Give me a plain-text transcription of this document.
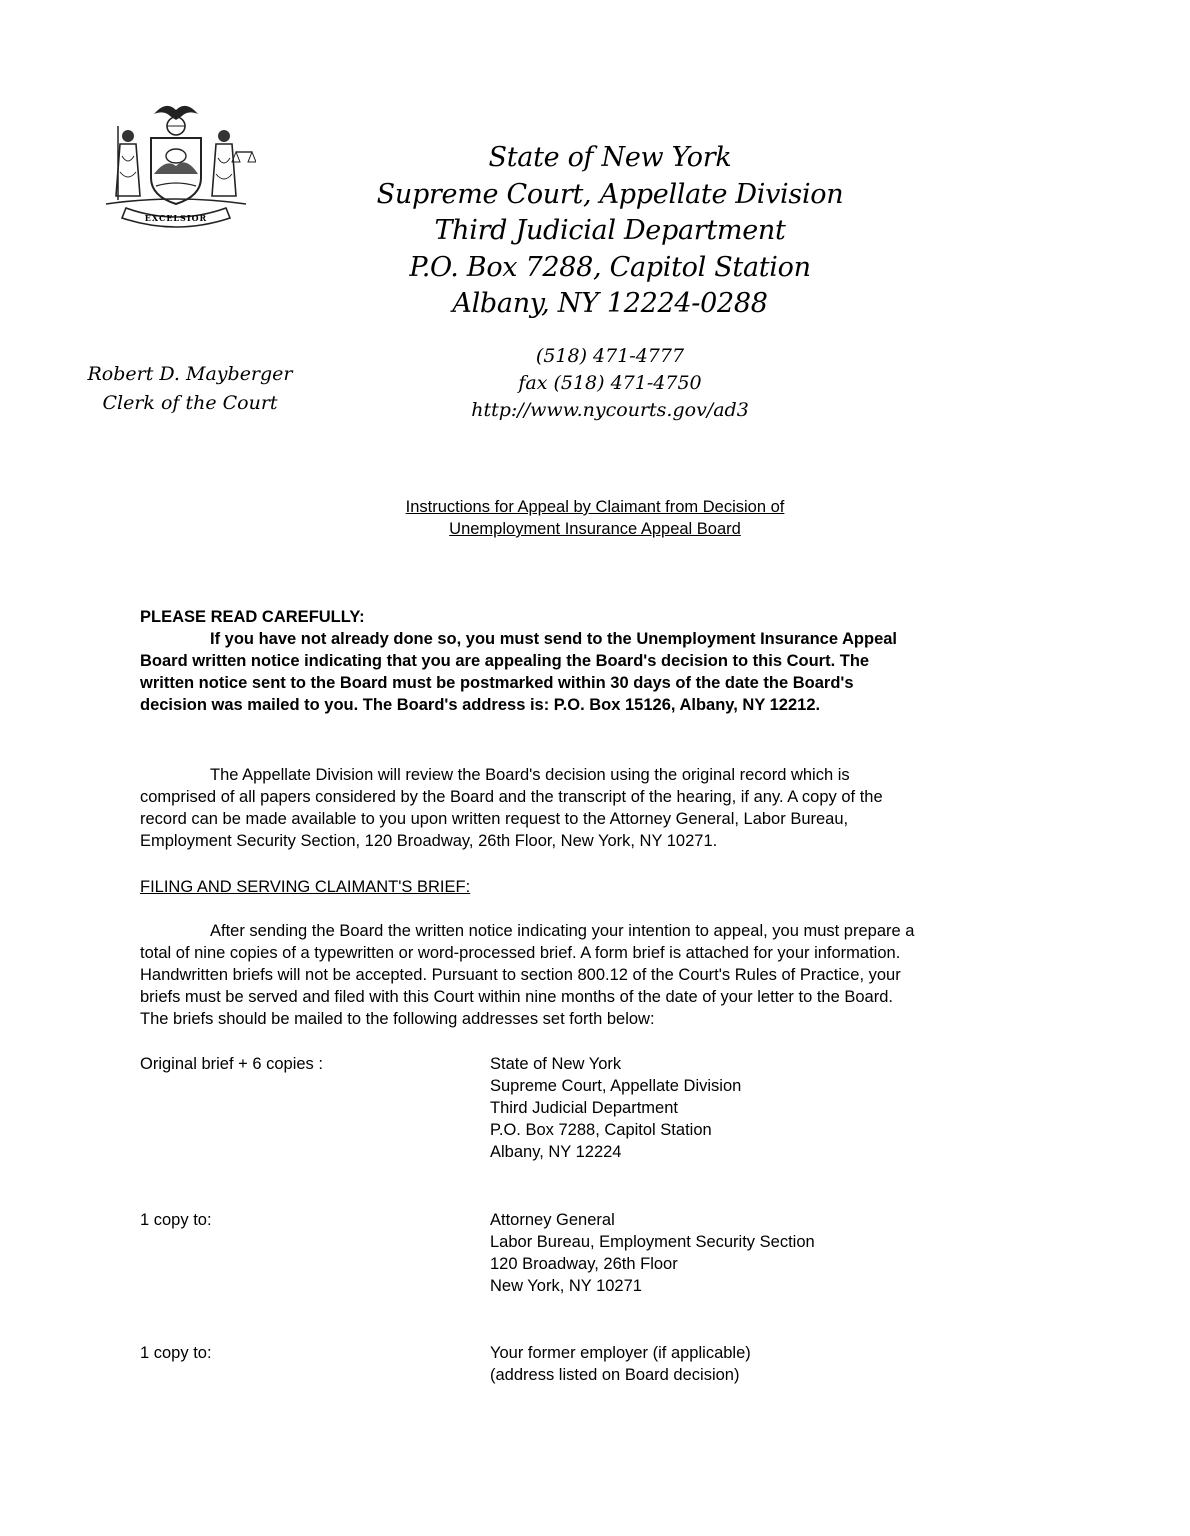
EXCELSIOR
State of New York
Supreme Court, Appellate Division
Third Judicial Department
P.O. Box 7288, Capitol Station
Albany, NY 12224-0288
(518) 471-4777
fax (518) 471-4750
http://www.nycourts.gov/ad3
Robert D. Mayberger
Clerk of the Court
Instructions for Appeal by Claimant from Decision of
Unemployment Insurance Appeal Board
PLEASE READ CAREFULLY:
If you have not already done so, you must send to the Unemployment Insurance Appeal
Board written notice indicating that you are appealing the Board's decision to this Court. The
written notice sent to the Board must be postmarked within 30 days of the date the Board's
decision was mailed to you. The Board's address is: P.O. Box 15126, Albany, NY 12212.
The Appellate Division will review the Board's decision using the original record which is
comprised of all papers considered by the Board and the transcript of the hearing, if any. A copy of the
record can be made available to you upon written request to the Attorney General, Labor Bureau,
Employment Security Section, 120 Broadway, 26th Floor, New York, NY 10271.
FILING AND SERVING CLAIMANT'S BRIEF:
After sending the Board the written notice indicating your intention to appeal, you must prepare a
total of nine copies of a typewritten or word-processed brief. A form brief is attached for your information.
Handwritten briefs will not be accepted. Pursuant to section 800.12 of the Court's Rules of Practice, your
briefs must be served and filed with this Court within nine months of the date of your letter to the Board.
The briefs should be mailed to the following addresses set forth below:
Original brief + 6 copies :	State of New York
Supreme Court, Appellate Division
Third Judicial Department
P.O. Box 7288, Capitol Station
Albany, NY 12224
1 copy to:	Attorney General
Labor Bureau, Employment Security Section
120 Broadway, 26th Floor
New York, NY 10271
1 copy to:	Your former employer (if applicable)
(address listed on Board decision)
